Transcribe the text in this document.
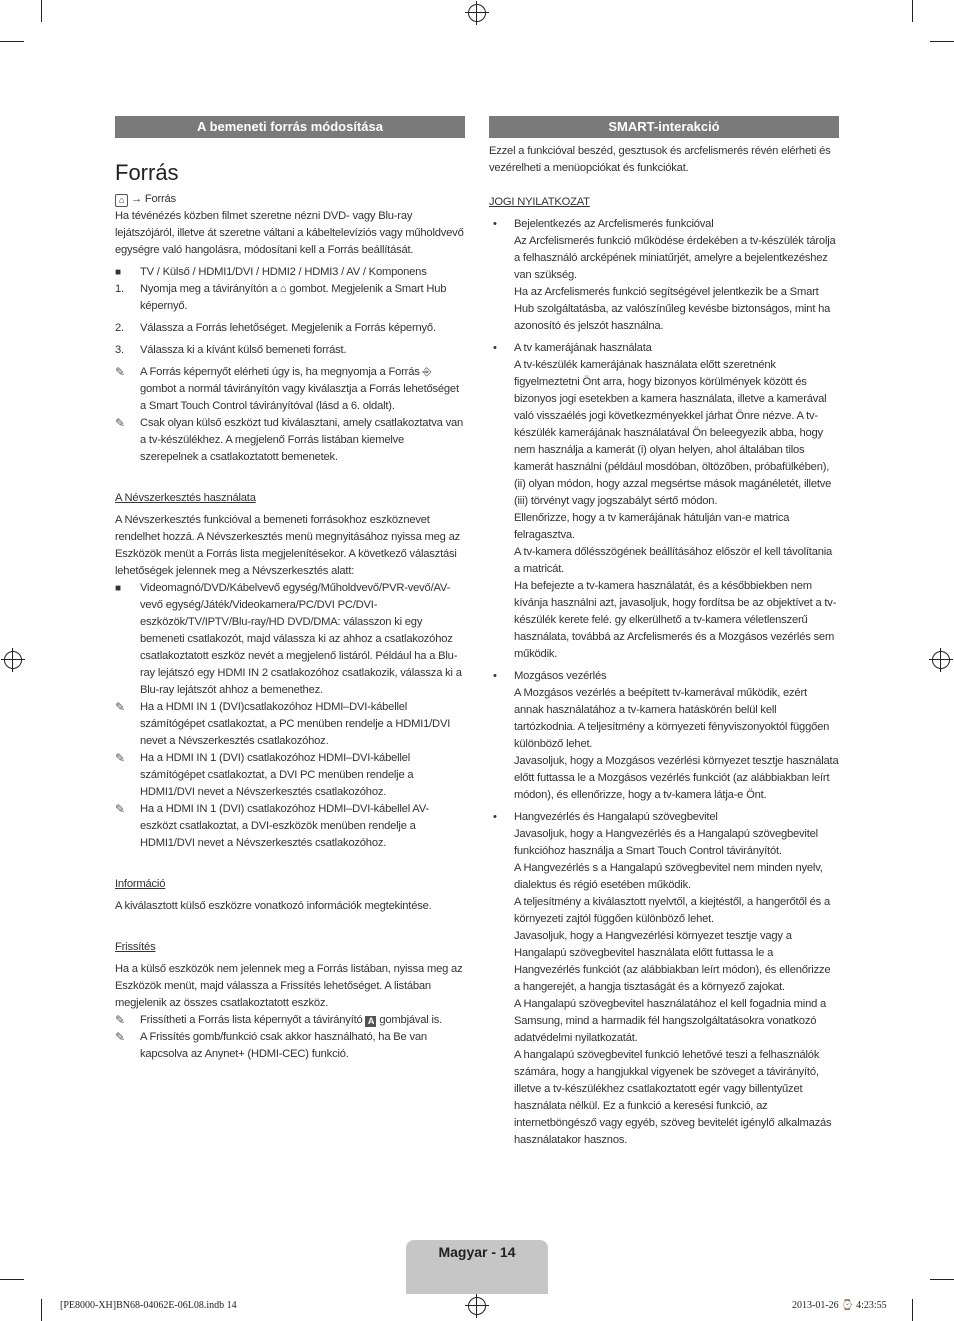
A bemeneti forrás módosítása
Forrás

⌂ → Forrás

Ha tévénézés közben filmet szeretne nézni DVD- vagy Blu-ray lejátszójáról, illetve át szeretne váltani a kábeltelevíziós vagy műholdvevő egységre való hangolásra, módosítani kell a Forrás beállítását.

■	TV / Külső / HDMI1/DVI / HDMI2 / HDMI3 / AV / Komponens
1.	Nyomja meg a távirányítón a ⌂ gombot. Megjelenik a Smart Hub képernyő.
2.	Válassza a Forrás lehetőséget. Megjelenik a Forrás képernyő.
3.	Válassza ki a kívánt külső bemeneti forrást.
✎	A Forrás képernyőt elérheti úgy is, ha megnyomja a Forrás ⎆ gombot a normál távirányítón vagy kiválasztja a Forrás lehetőséget a Smart Touch Control távirányítóval (lásd a 6. oldalt).
✎	Csak olyan külső eszközt tud kiválasztani, amely csatlakoztatva van a tv-készülékhez. A megjelenő Forrás listában kiemelve szerepelnek a csatlakoztatott bemenetek.

A Névszerkesztés használata

A Névszerkesztés funkcióval a bemeneti forrásokhoz eszköznevet rendelhet hozzá. A Névszerkesztés menü megnyitásához nyissa meg az Eszközök menüt a Forrás lista megjelenítésekor. A következő választási lehetőségek jelennek meg a Névszerkesztés alatt:

■	Videomagnó/DVD/Kábelvevő egység/Műholdvevő/PVR-vevő/AV-vevő egység/Játék/Videokamera/PC/DVI PC/DVI-eszközök/TV/IPTV/Blu-ray/HD DVD/DMA: válasszon ki egy bemeneti csatlakozót, majd válassza ki az ahhoz a csatlakozóhoz csatlakoztatott eszköz nevét a megjelenő listáról. Például ha a Blu-ray lejátszó egy HDMI IN 2 csatlakozóhoz csatlakozik, válassza ki a Blu-ray lejátszót ahhoz a bemenethez.
✎	Ha a HDMI IN 1 (DVI)csatlakozóhoz HDMI–DVI-kábellel számítógépet csatlakoztat, a PC menüben rendelje a HDMI1/DVI nevet a Névszerkesztés csatlakozóhoz.
✎	Ha a HDMI IN 1 (DVI) csatlakozóhoz HDMI–DVI-kábellel számítógépet csatlakoztat, a DVI PC menüben rendelje a HDMI1/DVI nevet a Névszerkesztés csatlakozóhoz.
✎	Ha a HDMI IN 1 (DVI) csatlakozóhoz HDMI–DVI-kábellel AV-eszközt csatlakoztat, a DVI-eszközök menüben rendelje a HDMI1/DVI nevet a Névszerkesztés csatlakozóhoz.

Információ

A kiválasztott külső eszközre vonatkozó információk megtekintése.

Frissítés

Ha a külső eszközök nem jelennek meg a Forrás listában, nyissa meg az Eszközök menüt, majd válassza a Frissítés lehetőséget. A listában megjelenik az összes csatlakoztatott eszköz.

✎	Frissítheti a Forrás lista képernyőt a távirányító A gombjával is.
✎	A Frissítés gomb/funkció csak akkor használható, ha Be van kapcsolva az Anynet+ (HDMI-CEC) funkció.
SMART-interakció

Ezzel a funkcióval beszéd, gesztusok és arcfelismerés révén elérheti és vezérelheti a menüopciókat és funkciókat.

JOGI NYILATKOZAT

•	Bejelentkezés az Arcfelismerés funkcióval

Az Arcfelismerés funkció működése érdekében a tv-készülék tárolja a felhasználó arcképének miniatűrjét, amelyre a bejelentkezéshez van szükség.

Ha az Arcfelismerés funkció segítségével jelentkezik be a Smart Hub szolgáltatásba, az valószínűleg kevésbe biztonságos, mint ha azonosító és jelszót használna.

•	A tv kamerájának használata

A tv-készülék kamerájának használata előtt szeretnénk figyelmeztetni Önt arra, hogy bizonyos körülmények között és bizonyos jogi esetekben a kamera használata, illetve a kamerával való visszaélés jogi következményekkel járhat Önre nézve. A tv-készülék kamerájának használatával Ön beleegyezik abba, hogy nem használja a kamerát (i) olyan helyen, ahol általában tilos kamerát használni (például mosdóban, öltözőben, próbafülkében), (ii) olyan módon, hogy azzal megsértse mások magánéletét, illetve (iii) törvényt vagy jogszabályt sértő módon.

Ellenőrizze, hogy a tv kamerájának hátulján van-e matrica felragasztva.

A tv-kamera dőlésszögének beállításához először el kell távolítania a matricát.

Ha befejezte a tv-kamera használatát, és a későbbiekben nem kívánja használni azt, javasoljuk, hogy fordítsa be az objektívet a tv-készülék kerete felé. gy elkerülhető a tv-kamera véletlenszerű használata, továbbá az Arcfelismerés és a Mozgásos vezérlés sem működik.

•	Mozgásos vezérlés

A Mozgásos vezérlés a beépített tv-kamerával működik, ezért annak használatához a tv-kamera hatáskörén belül kell tartózkodnia. A teljesítmény a környezeti fényviszonyoktól függően különböző lehet.

Javasoljuk, hogy a Mozgásos vezérlési környezet tesztje használata előtt futtassa le a Mozgásos vezérlés funkciót (az alábbiakban leírt módon), és ellenőrizze, hogy a tv-kamera látja-e Önt.

•	Hangvezérlés és Hangalapú szövegbevitel

Javasoljuk, hogy a Hangvezérlés és a Hangalapú szövegbevitel funkcióhoz használja a Smart Touch Control távirányítót.

A Hangvezérlés s a Hangalapú szövegbevitel nem minden nyelv, dialektus és régió esetében működik.

A teljesítmény a kiválasztott nyelvtől, a kiejtéstől, a hangerőtől és a környezeti zajtól függően különböző lehet.

Javasoljuk, hogy a Hangvezérlési környezet tesztje vagy a Hangalapú szövegbevitel használata előtt futtassa le a Hangvezérlés funkciót (az alábbiakban leírt módon), és ellenőrizze a hangerejét, a hangja tisztaságát és a környező zajokat.

A Hangalapú szövegbevitel használatához el kell fogadnia mind a Samsung, mind a harmadik fél hangszolgáltatásokra vonatkozó adatvédelmi nyilatkozatát.

A hangalapú szövegbevitel funkció lehetővé teszi a felhasználók számára, hogy a hangjukkal vigyenek be szöveget a távirányító, illetve a tv-készülékhez csatlakoztatott egér vagy billentyűzet használata nélkül. Ez a funkció a keresési funkció, az internetböngésző vagy egyéb, szöveg bevitelét igénylő alkalmazás használatakor hasznos.

Magyar - 14
[PE8000-XH]BN68-04062E-06L08.indb 14	2013-01-26 ⌚ 4:23:55
